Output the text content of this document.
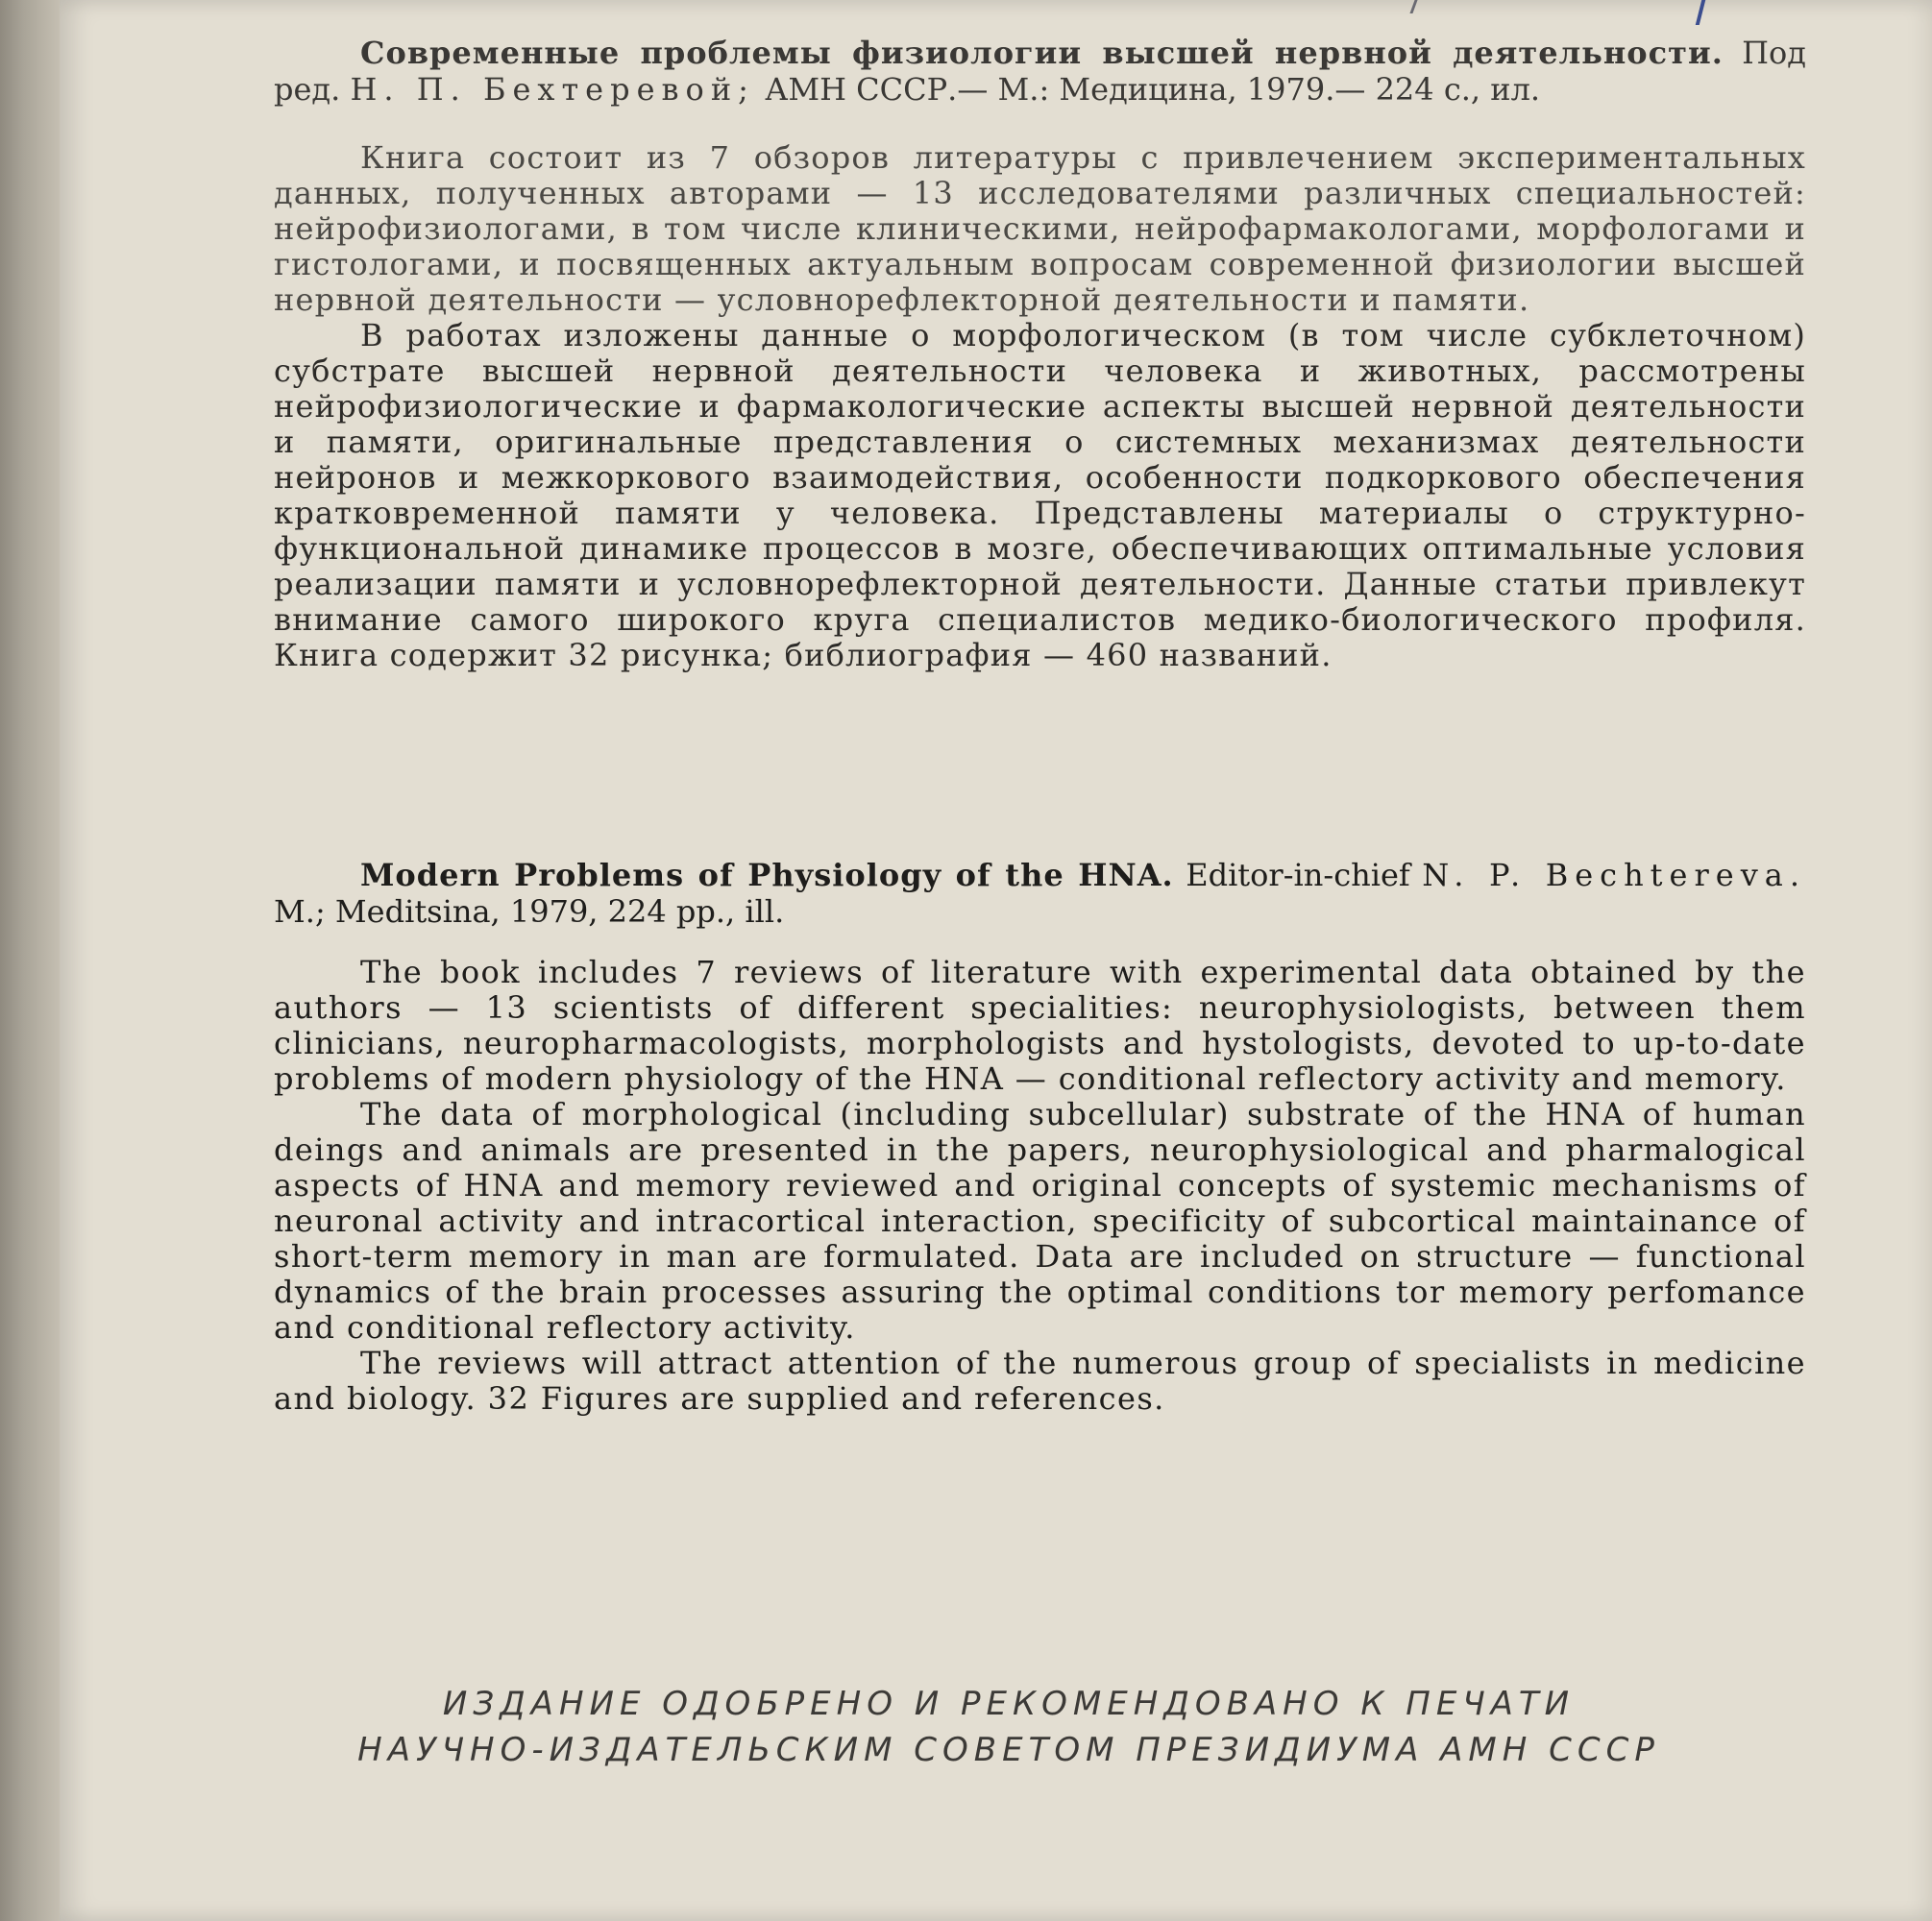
Современные проблемы физиологии высшей нервной деятельности. Под ред. Н. П. Бехтеревой; АМН СССР.— М.: Медицина, 1979.— 224 с., ил.

Книга состоит из 7 обзоров литературы с привлечением экспериментальных данных, полученных авторами — 13 исследователями различных специальностей: нейрофизиологами, в том числе клиническими, нейрофармакологами, морфологами и гистологами, и посвященных актуальным вопросам современной физиологии высшей нервной деятельности — условнорефлекторной деятельности и памяти.

В работах изложены данные о морфологическом (в том числе субклеточном) субстрате высшей нервной деятельности человека и животных, рассмотрены нейрофизиологические и фармакологические аспекты высшей нервной деятельности и памяти, оригинальные представления о системных механизмах деятельности нейронов и межкоркового взаимодействия, особенности подкоркового обеспечения кратковременной памяти у человека. Представлены материалы о структурно-функциональной динамике процессов в мозге, обеспечивающих оптимальные условия реализации памяти и условнорефлекторной деятельности. Данные статьи привлекут внимание самого широкого круга специалистов медико-биологического профиля. Книга содержит 32 рисунка; библиография — 460 названий.

Modern Problems of Physiology of the HNA. Editor-in-chief N. P. Bechtereva. M.; Meditsina, 1979, 224 pp., ill.

The book includes 7 reviews of literature with experimental data obtained by the authors — 13 scientists of different specialities: neurophysiologists, between them clinicians, neuropharmacologists, morphologists and hystologists, devoted to up-to-date problems of modern physiology of the HNA — conditional reflectory activity and memory.

The data of morphological (including subcellular) substrate of the HNA of human deings and animals are presented in the papers, neurophysiological and pharmalogical aspects of HNA and memory reviewed and original concepts of systemic mechanisms of neuronal activity and intracortical interaction, specificity of subcortical maintainance of short-term memory in man are formulated. Data are included on structure — functional dynamics of the brain processes assuring the optimal conditions tor memory perfomance and conditional reflectory activity.

The reviews will attract attention of the numerous group of specialists in medicine and biology. 32 Figures are supplied and references.

ИЗДАНИЕ ОДОБРЕНО И РЕКОМЕНДОВАНО К ПЕЧАТИ
НАУЧНО-ИЗДАТЕЛЬСКИМ СОВЕТОМ ПРЕЗИДИУМА АМН СССР
